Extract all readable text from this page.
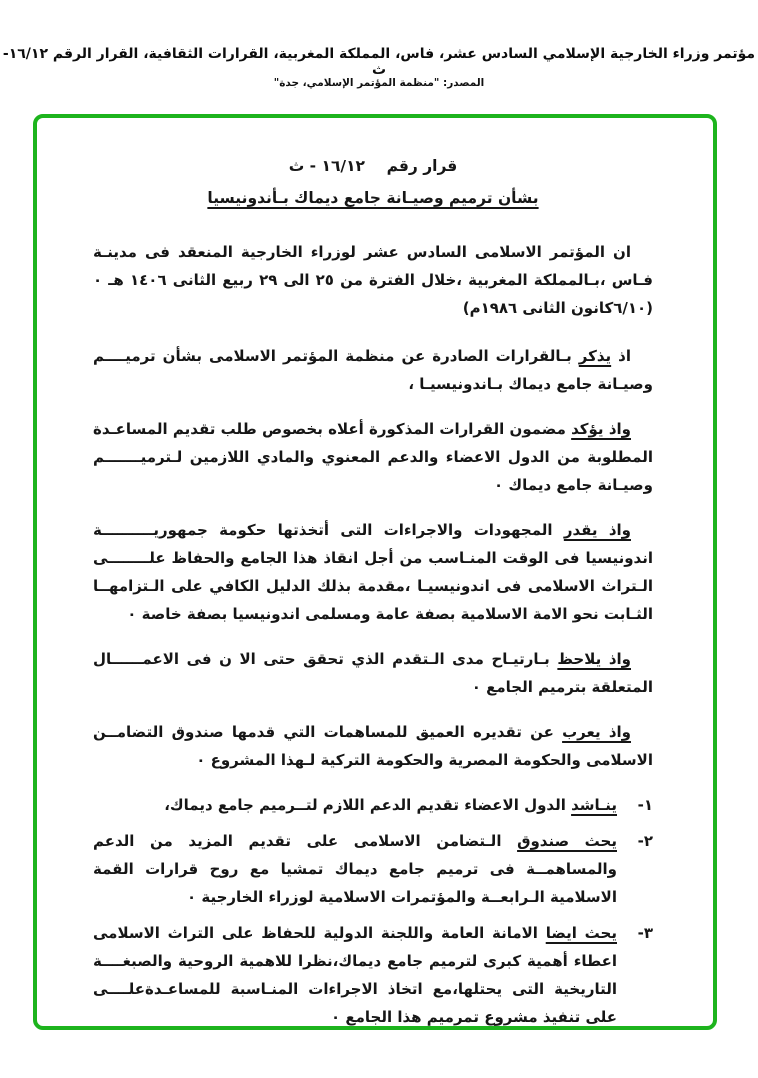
مؤتمر وزراء الخارجية الإسلامي السادس عشر، فاس، المملكة المغربية، القرارات الثقافية، القرار الرقم ١٦/١٢-ث
المصدر: "منظمة المؤتمر الإسلامي، جدة"
قرار رقم    ١٦/١٢ - ث
بشأن ترميم وصيـانة جامع ديماك بـأندونيسيا

ان المؤتمر الاسلامى السادس عشر لوزراء الخارجية المنعقد فى مدينـة فـاس ،بـالمملكة المغربية ،خلال الفترة من ٢٥ الى ٢٩ ربيع الثانى ١٤٠٦ هـ ٠ (٦/١٠كانون الثانى ١٩٨٦م)

اذ يذكر بـالقرارات الصادرة عن منظمة المؤتمر الاسلامى بشأن ترميــــم وصيـانة جامع ديماك بـاندونيسيـا ،

واذ يؤكد مضمون القرارات المذكورة أعلاه بخصوص طلب تقديم المساعـدة المطلوبة من الدول الاعضاء والدعم المعنوي والمادي اللازمين لـترميـــــــم وصيـانة جامع ديماك ٠

واذ يقدر المجهودات والاجراءات التى أتخذتها حكومة جمهوريــــــــــة اندونيسيا فى الوقت المنـاسب من أجل انقاذ هذا الجامع والحفاظ علــــــــى الـتراث الاسلامى فى اندونيسيـا ،مقدمة بذلك الدليل الكافي على الـتزامهــا الثـابت نحو الامة الاسلامية بصفة عامة ومسلمى اندونيسيا بصفة خاصة ٠

واذ يلاحظ بـارتيـاح مدى الـتقدم الذي تحقق حتى الا ن فى الاعمــــــال المتعلقة بترميم الجامع ٠

واذ يعرب عن تقديره العميق للمساهمات التي قدمها صندوق التضامــن الاسلامى والحكومة المصرية والحكومة التركية لـهذا المشروع ٠

١-
ينـاشد الدول الاعضاء تقديم الدعم اللازم لتــرميم جامع ديماك،
٢-
يحث صندوق الـتضامن الاسلامى على تقديم المزيد من الدعم والمساهمــة فى ترميم جامع ديماك تمشيا مع روح قرارات القمة الاسلامية الـرابعــة والمؤتمرات الاسلامية لوزراء الخارجية ٠
٣-
يحث ايضا الامانة العامة واللجنة الدولية للحفاظ على التراث الاسلامى اعطاء أهمية كبرى لترميم جامع ديماك،نظرا للاهمية الروحية والصبغــــة التاريخية التى يحتلها،مع اتخاذ الاجراءات المنـاسبة للمساعـدةعلــــى على تنفيذ مشروع تمرميم هذا الجامع ٠
